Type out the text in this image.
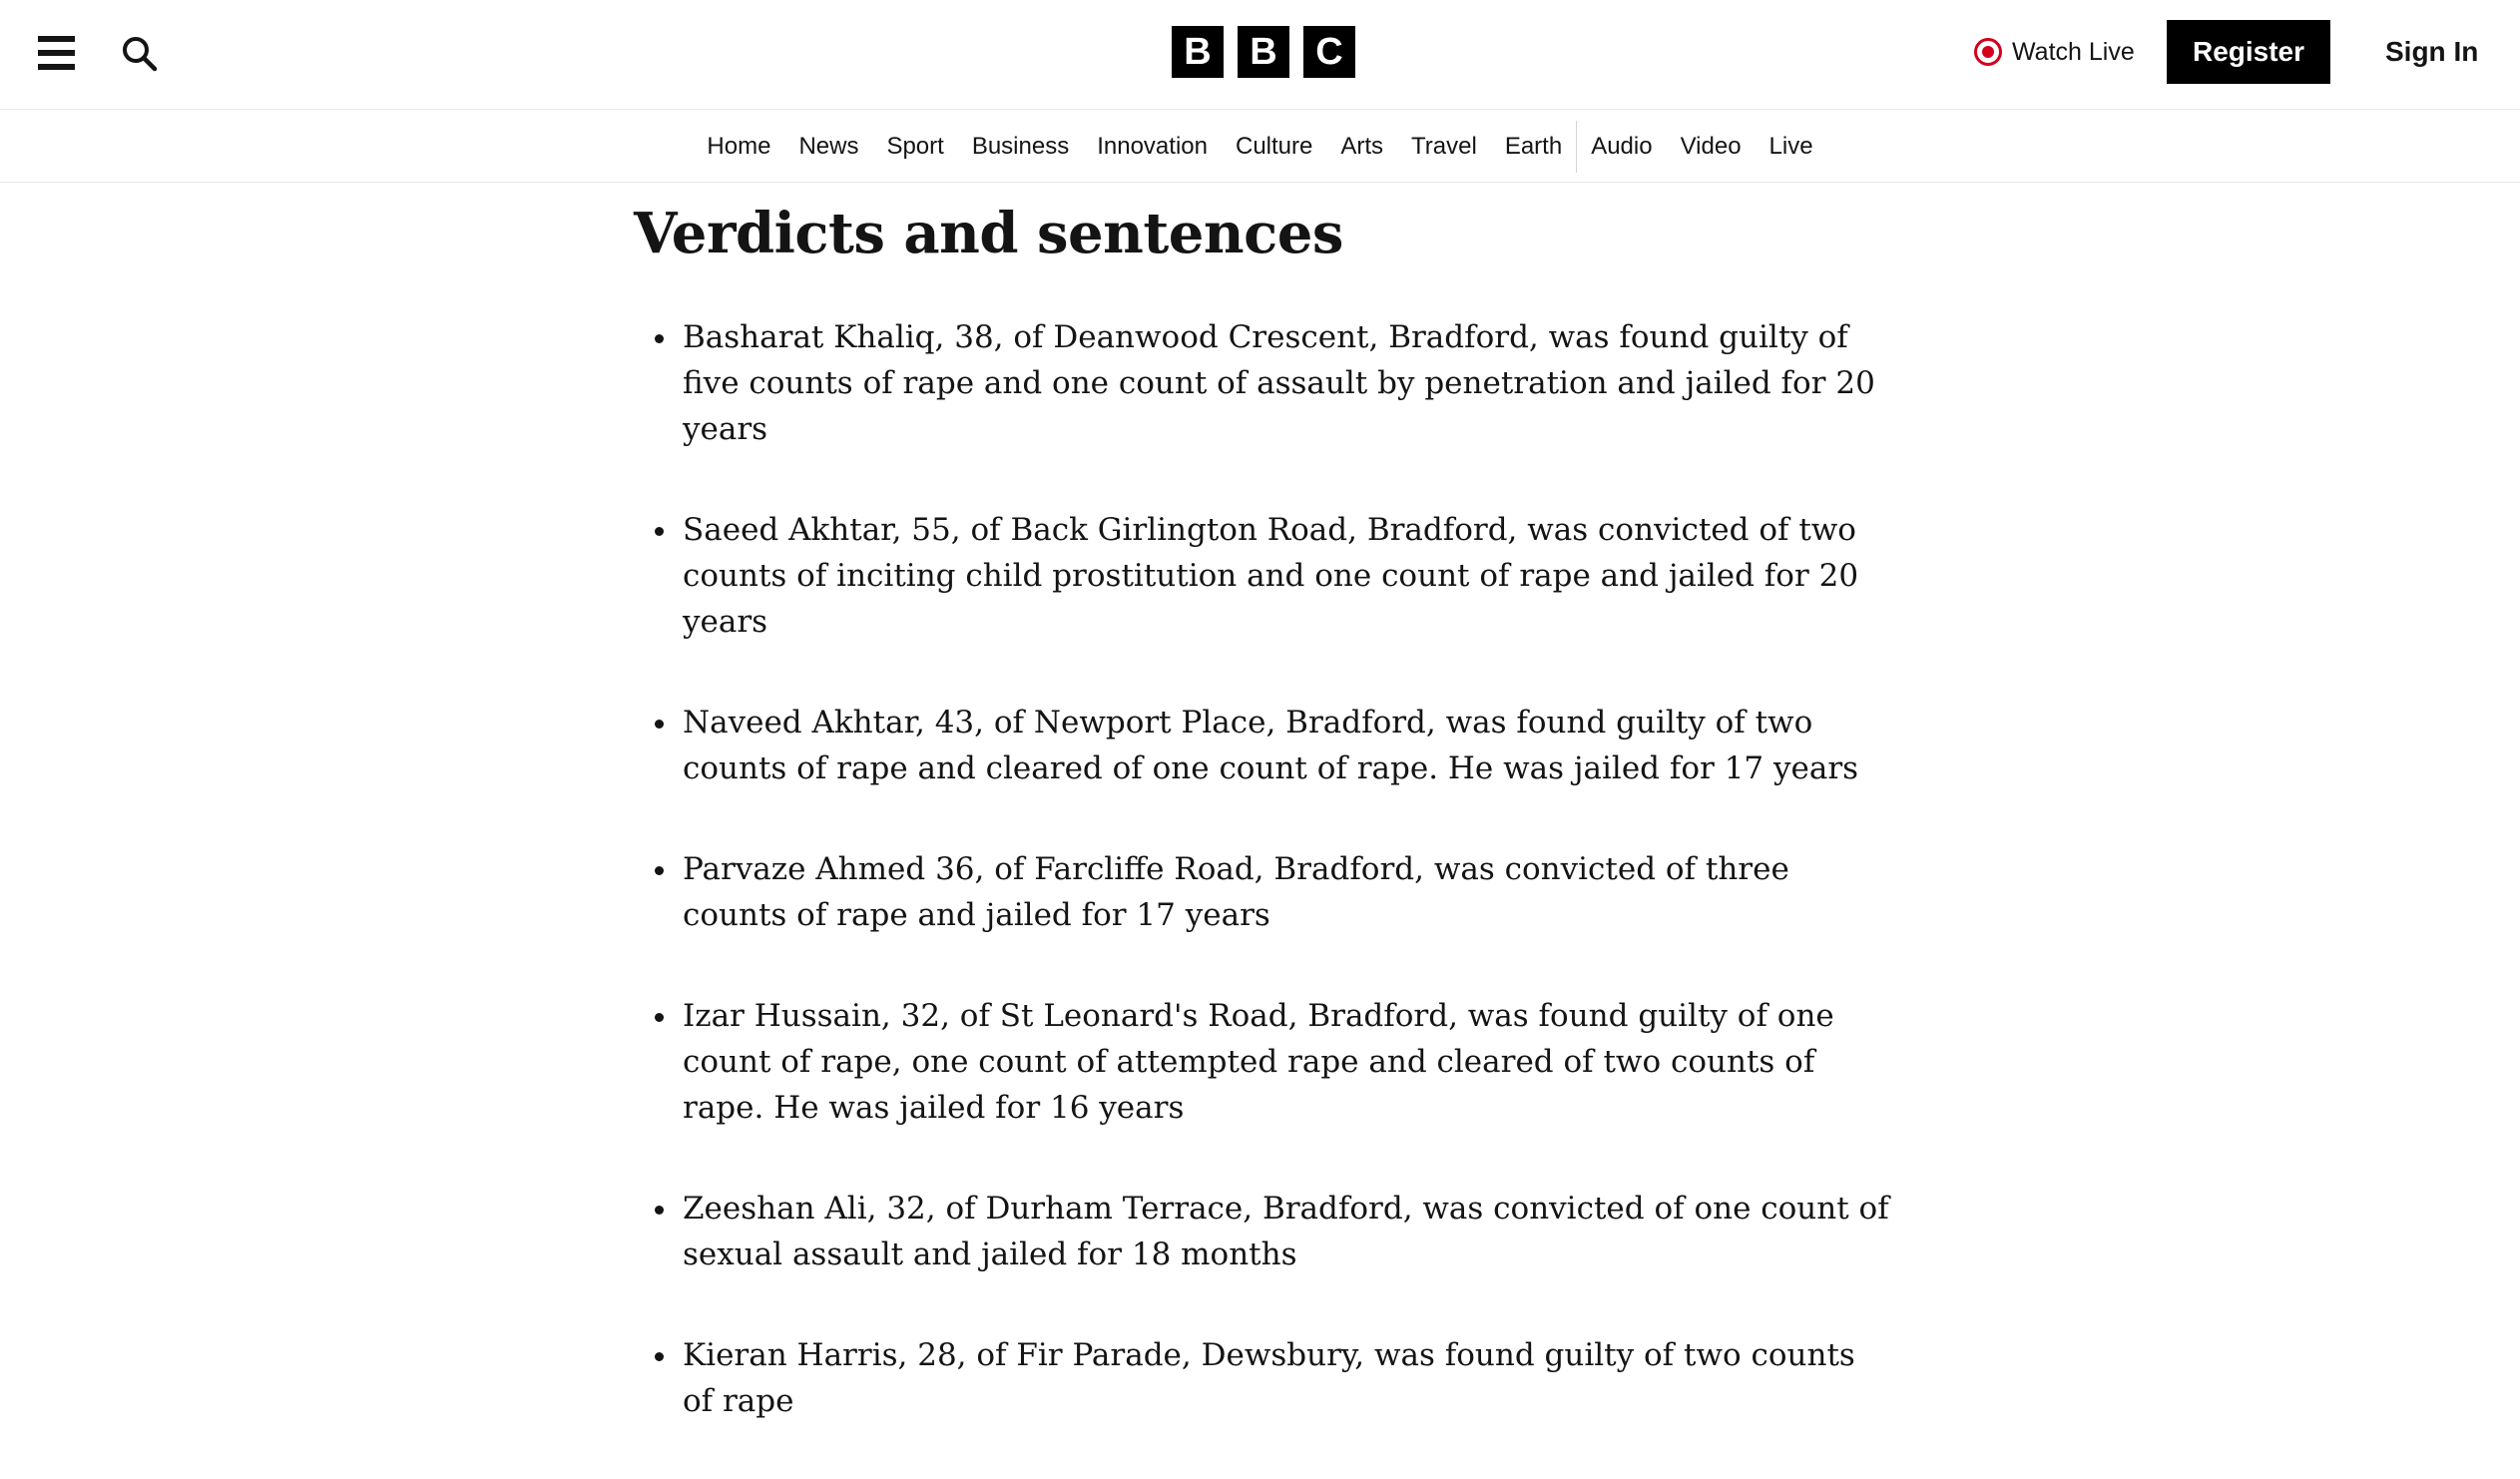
B	B	C	Watch Live	Register	Sign In
Home	News	Sport	Business	Innovation	Culture	Arts	Travel	Earth	Audio	Video	Live
Verdicts and sentences
Basharat Khaliq, 38, of Deanwood Crescent, Bradford, was found guilty of five counts of rape and one count of assault by penetration and jailed for 20 years
Saeed Akhtar, 55, of Back Girlington Road, Bradford, was convicted of two counts of inciting child prostitution and one count of rape and jailed for 20 years
Naveed Akhtar, 43, of Newport Place, Bradford, was found guilty of two counts of rape and cleared of one count of rape. He was jailed for 17 years
Parvaze Ahmed 36, of Farcliffe Road, Bradford, was convicted of three counts of rape and jailed for 17 years
Izar Hussain, 32, of St Leonard's Road, Bradford, was found guilty of one count of rape, one count of attempted rape and cleared of two counts of rape. He was jailed for 16 years
Zeeshan Ali, 32, of Durham Terrace, Bradford, was convicted of one count of sexual assault and jailed for 18 months
Kieran Harris, 28, of Fir Parade, Dewsbury, was found guilty of two counts of rape
